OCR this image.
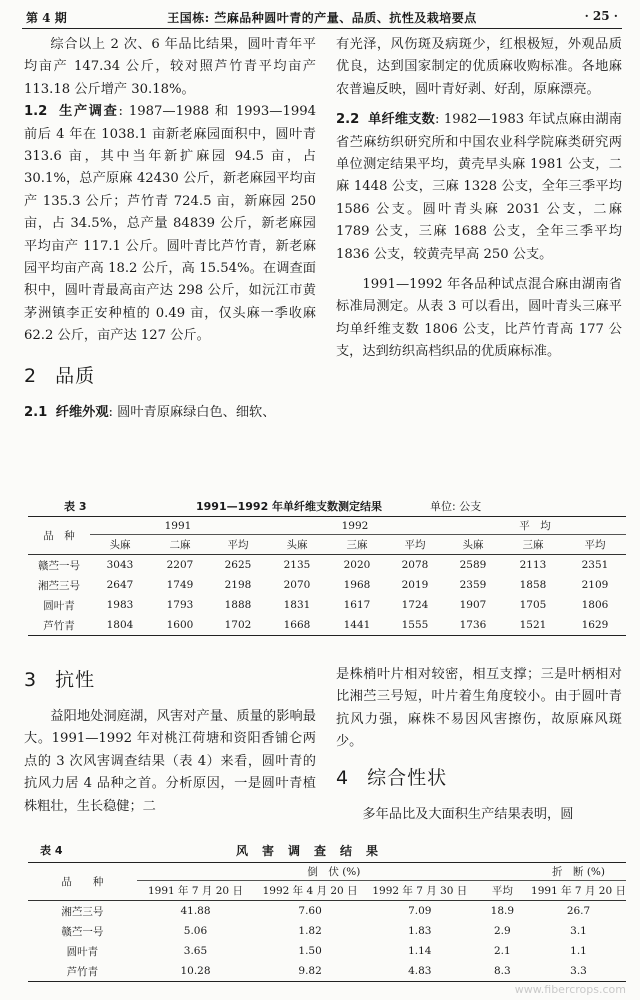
第 4 期	王国栋: 苎麻品种圆叶青的产量、品质、抗性及栽培要点	· 25 ·

综合以上 2 次、6 年品比结果，圆叶青年平均亩产 147.34 公斤，较对照芦竹青平均亩产 113.18 公斤增产 30.18%。

1.2 生产调查: 1987—1988 和 1993—1994 前后 4 年在 1038.1 亩新老麻园面积中，圆叶青 313.6 亩，其中当年新扩麻园 94.5 亩，占 30.1%，总产原麻 42430 公斤，新老麻园平均亩产 135.3 公斤；芦竹青 724.5 亩，新麻园 250 亩，占 34.5%，总产量 84839 公斤，新老麻园平均亩产 117.1 公斤。圆叶青比芦竹青，新老麻园平均亩产高 18.2 公斤，高 15.54%。在调查面积中，圆叶青最高亩产达 298 公斤，如沅江市黄茅洲镇李正安种植的 0.49 亩，仅头麻一季收麻 62.2 公斤，亩产达 127 公斤。

2 品质

2.1 纤维外观: 圆叶青原麻绿白色、细软、

有光泽，风伤斑及病斑少，红根极短，外观品质优良，达到国家制定的优质麻收购标准。各地麻农普遍反映，圆叶青好剥、好刮，原麻漂亮。

2.2 单纤维支数: 1982—1983 年试点麻由湖南省苎麻纺织研究所和中国农业科学院麻类研究两单位测定结果平均，黄壳早头麻 1981 公支，二麻 1448 公支，三麻 1328 公支，全年三季平均 1586 公支。圆叶青头麻 2031 公支，二麻 1789 公支，三麻 1688 公支，全年三季平均 1836 公支，较黄壳早高 250 公支。

1991—1992 年各品种试点混合麻由湖南省标准局测定。从表 3 可以看出，圆叶青头三麻平均单纤维支数 1806 公支，比芦竹青高 177 公支，达到纺织高档织品的优质麻标准。

表 3	1991—1992 年单纤维支数测定结果	单位: 公支
品　种	1991			1992			平　均		
	头麻	二麻	平均	头麻	三麻	平均	头麻	三麻	平均
赣苎一号	3043	2207	2625	2135	2020	2078	2589	2113	2351
湘苎三号	2647	1749	2198	2070	1968	2019	2359	1858	2109
圆叶青	1983	1793	1888	1831	1617	1724	1907	1705	1806
芦竹青	1804	1600	1702	1668	1441	1555	1736	1521	1629
3 抗性

益阳地处洞庭湖，风害对产量、质量的影响最大。1991—1992 年对桃江荷塘和资阳香铺仑两点的 3 次风害调查结果（表 4）来看，圆叶青的抗风力居 4 品种之首。分析原因，一是圆叶青植株粗壮，生长稳健；二

是株梢叶片相对较密，相互支撑；三是叶柄相对比湘苎三号短，叶片着生角度较小。由于圆叶青抗风力强，麻株不易因风害擦伤，故原麻风斑少。

4 综合性状

多年品比及大面积生产结果表明，圆

表 4	风　害　调　查　结　果
品　　种	倒　伏 (%)				折　断 (%)
	1991 年 7 月 20 日	1992 年 4 月 20 日	1992 年 7 月 30 日	平均	1991 年 7 月 20 日
湘苎三号	41.88	7.60	7.09	18.9	26.7
赣苎一号	5.06	1.82	1.83	2.9	3.1
圆叶青	3.65	1.50	1.14	2.1	1.1
芦竹青	10.28	9.82	4.83	8.3	3.3
www.fibercrops.com
